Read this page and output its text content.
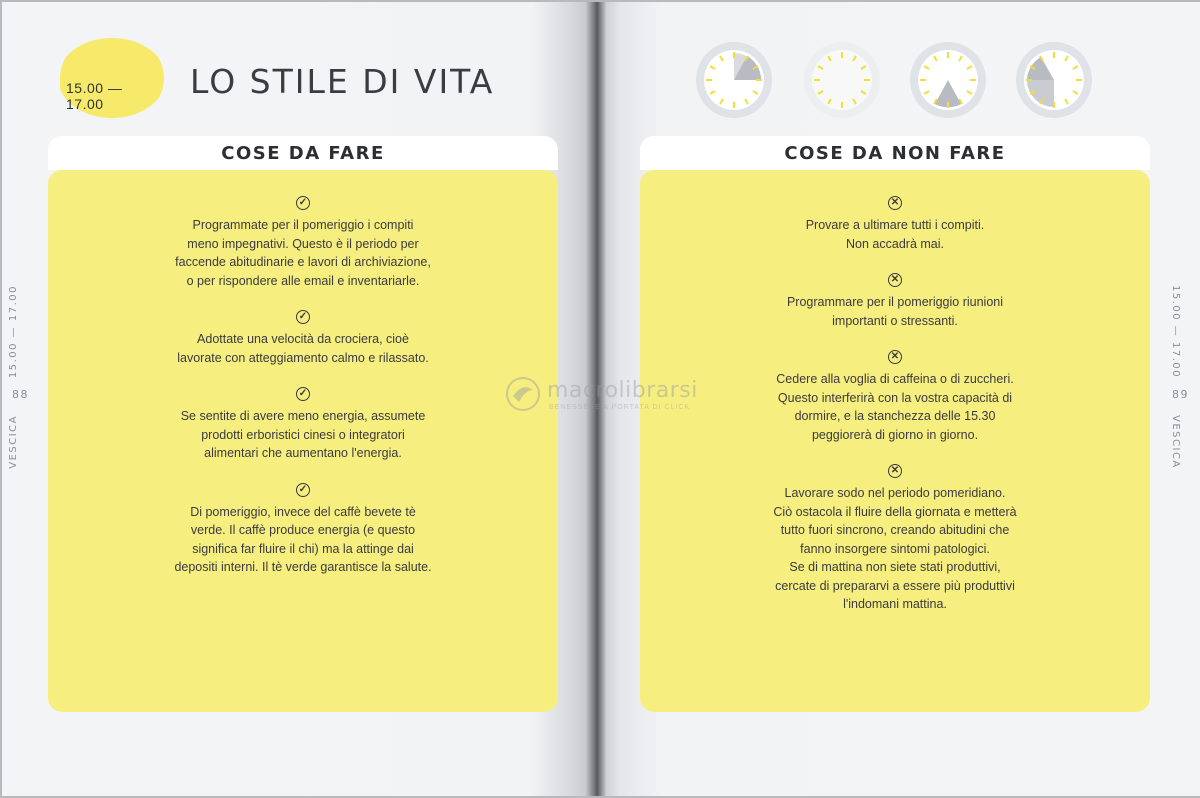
15.00 — 17.00
LO STILE DI VITA
15.00 — 17.00
88
VESCICA
15.00 — 17.00
89
VESCICA
COSE DA FARE
✓

Programmate per il pomeriggio i compiti
meno impegnativi. Questo è il periodo per
faccende abitudinarie e lavori di archiviazione,
o per rispondere alle email e inventariarle.

✓

Adottate una velocità da crociera, cioè
lavorate con atteggiamento calmo e rilassato.

✓

Se sentite di avere meno energia, assumete
prodotti erboristici cinesi o integratori
alimentari che aumentano l'energia.

✓

Di pomeriggio, invece del caffè bevete tè
verde. Il caffè produce energia (e questo
significa far fluire il chi) ma la attinge dai
depositi interni. Il tè verde garantisce la salute.

COSE DA NON FARE
✕

Provare a ultimare tutti i compiti.
Non accadrà mai.

✕

Programmare per il pomeriggio riunioni
importanti o stressanti.

✕

Cedere alla voglia di caffeina o di zuccheri.
Questo interferirà con la vostra capacità di
dormire, e la stanchezza delle 15.30
peggiorerà di giorno in giorno.

✕

Lavorare sodo nel periodo pomeridiano.
Ciò ostacola il fluire della giornata e metterà
tutto fuori sincrono, creando abitudini che
fanno insorgere sintomi patologici.
Se di mattina non siete stati produttivi,
cercate di prepararvi a essere più produttivi
l'indomani mattina.

macrolibrarsi
BENESSERE A PORTATA DI CLICK
